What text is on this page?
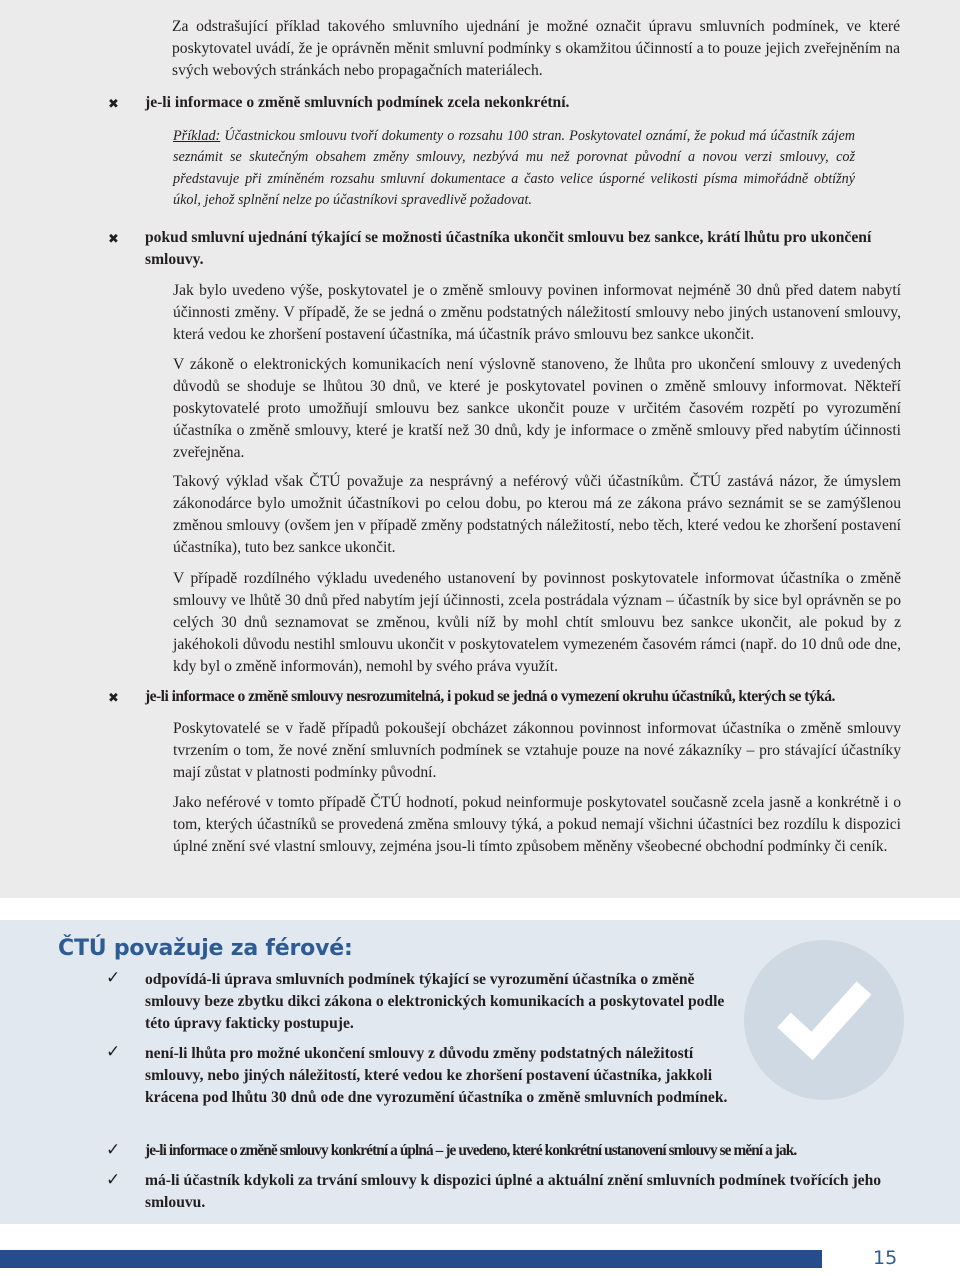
Za odstrašující příklad takového smluvního ujednání je možné označit úpravu smluvních podmínek, ve které poskytovatel uvádí, že je oprávněn měnit smluvní podmínky s okamžitou účinností a to pouze jejich zveřejněním na svých webových stránkách nebo propagačních materiálech.

✖ je-li informace o změně smluvních podmínek zcela nekonkrétní.

Příklad: Účastnickou smlouvu tvoří dokumenty o rozsahu 100 stran. Poskytovatel oznámí, že pokud má účastník zájem seznámit se skutečným obsahem změny smlouvy, nezbývá mu než porovnat původní a novou verzi smlouvy, což představuje při zmíněném rozsahu smluvní dokumentace a často velice úsporné velikosti písma mimořádně obtížný úkol, jehož splnění nelze po účastníkovi spravedlivě požadovat.

✖ pokud smluvní ujednání týkající se možnosti účastníka ukončit smlouvu bez sankce, krátí lhůtu pro ukončení smlouvy.

Jak bylo uvedeno výše, poskytovatel je o změně smlouvy povinen informovat nejméně 30 dnů před datem nabytí účinnosti změny. V případě, že se jedná o změnu podstatných náležitostí smlouvy nebo jiných ustanovení smlouvy, která vedou ke zhoršení postavení účastníka, má účastník právo smlouvu bez sankce ukončit.

V zákoně o elektronických komunikacích není výslovně stanoveno, že lhůta pro ukončení smlouvy z uvedených důvodů se shoduje se lhůtou 30 dnů, ve které je poskytovatel povinen o změně smlouvy informovat. Někteří poskytovatelé proto umožňují smlouvu bez sankce ukončit pouze v určitém časovém rozpětí po vyrozumění účastníka o změně smlouvy, které je kratší než 30 dnů, kdy je informace o změně smlouvy před nabytím účinnosti zveřejněna.

Takový výklad však ČTÚ považuje za nesprávný a neférový vůči účastníkům. ČTÚ zastává názor, že úmyslem zákonodárce bylo umožnit účastníkovi po celou dobu, po kterou má ze zákona právo seznámit se se zamýšlenou změnou smlouvy (ovšem jen v případě změny podstatných náležitostí, nebo těch, které vedou ke zhoršení postavení účastníka), tuto bez sankce ukončit.

V případě rozdílného výkladu uvedeného ustanovení by povinnost poskytovatele informovat účastníka o změně smlouvy ve lhůtě 30 dnů před nabytím její účinnosti, zcela postrádala význam – účastník by sice byl oprávněn se po celých 30 dnů seznamovat se změnou, kvůli níž by mohl chtít smlouvu bez sankce ukončit, ale pokud by z jakéhokoli důvodu nestihl smlouvu ukončit v poskytovatelem vymezeném časovém rámci (např. do 10 dnů ode dne, kdy byl o změně informován), nemohl by svého práva využít.

✖ je-li informace o změně smlouvy nesrozumitelná, i pokud se jedná o vymezení okruhu účastníků, kterých se týká.

Poskytovatelé se v řadě případů pokoušejí obcházet zákonnou povinnost informovat účastníka o změně smlouvy tvrzením o tom, že nové znění smluvních podmínek se vztahuje pouze na nové zákazníky – pro stávající účastníky mají zůstat v platnosti podmínky původní.

Jako neférové v tomto případě ČTÚ hodnotí, pokud neinformuje poskytovatel současně zcela jasně a konkrétně i o tom, kterých účastníků se provedená změna smlouvy týká, a pokud nemají všichni účastníci bez rozdílu k dispozici úplné znění své vlastní smlouvy, zejména jsou-li tímto způsobem měněny všeobecné obchodní podmínky či ceník.

ČTÚ považuje za férové:
✓ odpovídá-li úprava smluvních podmínek týkající se vyrozumění účastníka o změně smlouvy beze zbytku dikci zákona o elektronických komunikacích a poskytovatel podle této úpravy fakticky postupuje.

✓ není-li lhůta pro možné ukončení smlouvy z důvodu změny podstatných náležitostí smlouvy, nebo jiných náležitostí, které vedou ke zhoršení postavení účastníka, jakkoli krácena pod lhůtu 30 dnů ode dne vyrozumění účastníka o změně smluvních podmínek.

✓ je-li informace o změně smlouvy konkrétní a úplná – je uvedeno, které konkrétní ustanovení smlouvy se mění a jak.

✓ má-li účastník kdykoli za trvání smlouvy k dispozici úplné a aktuální znění smluvních podmínek tvořících jeho smlouvu.

15
